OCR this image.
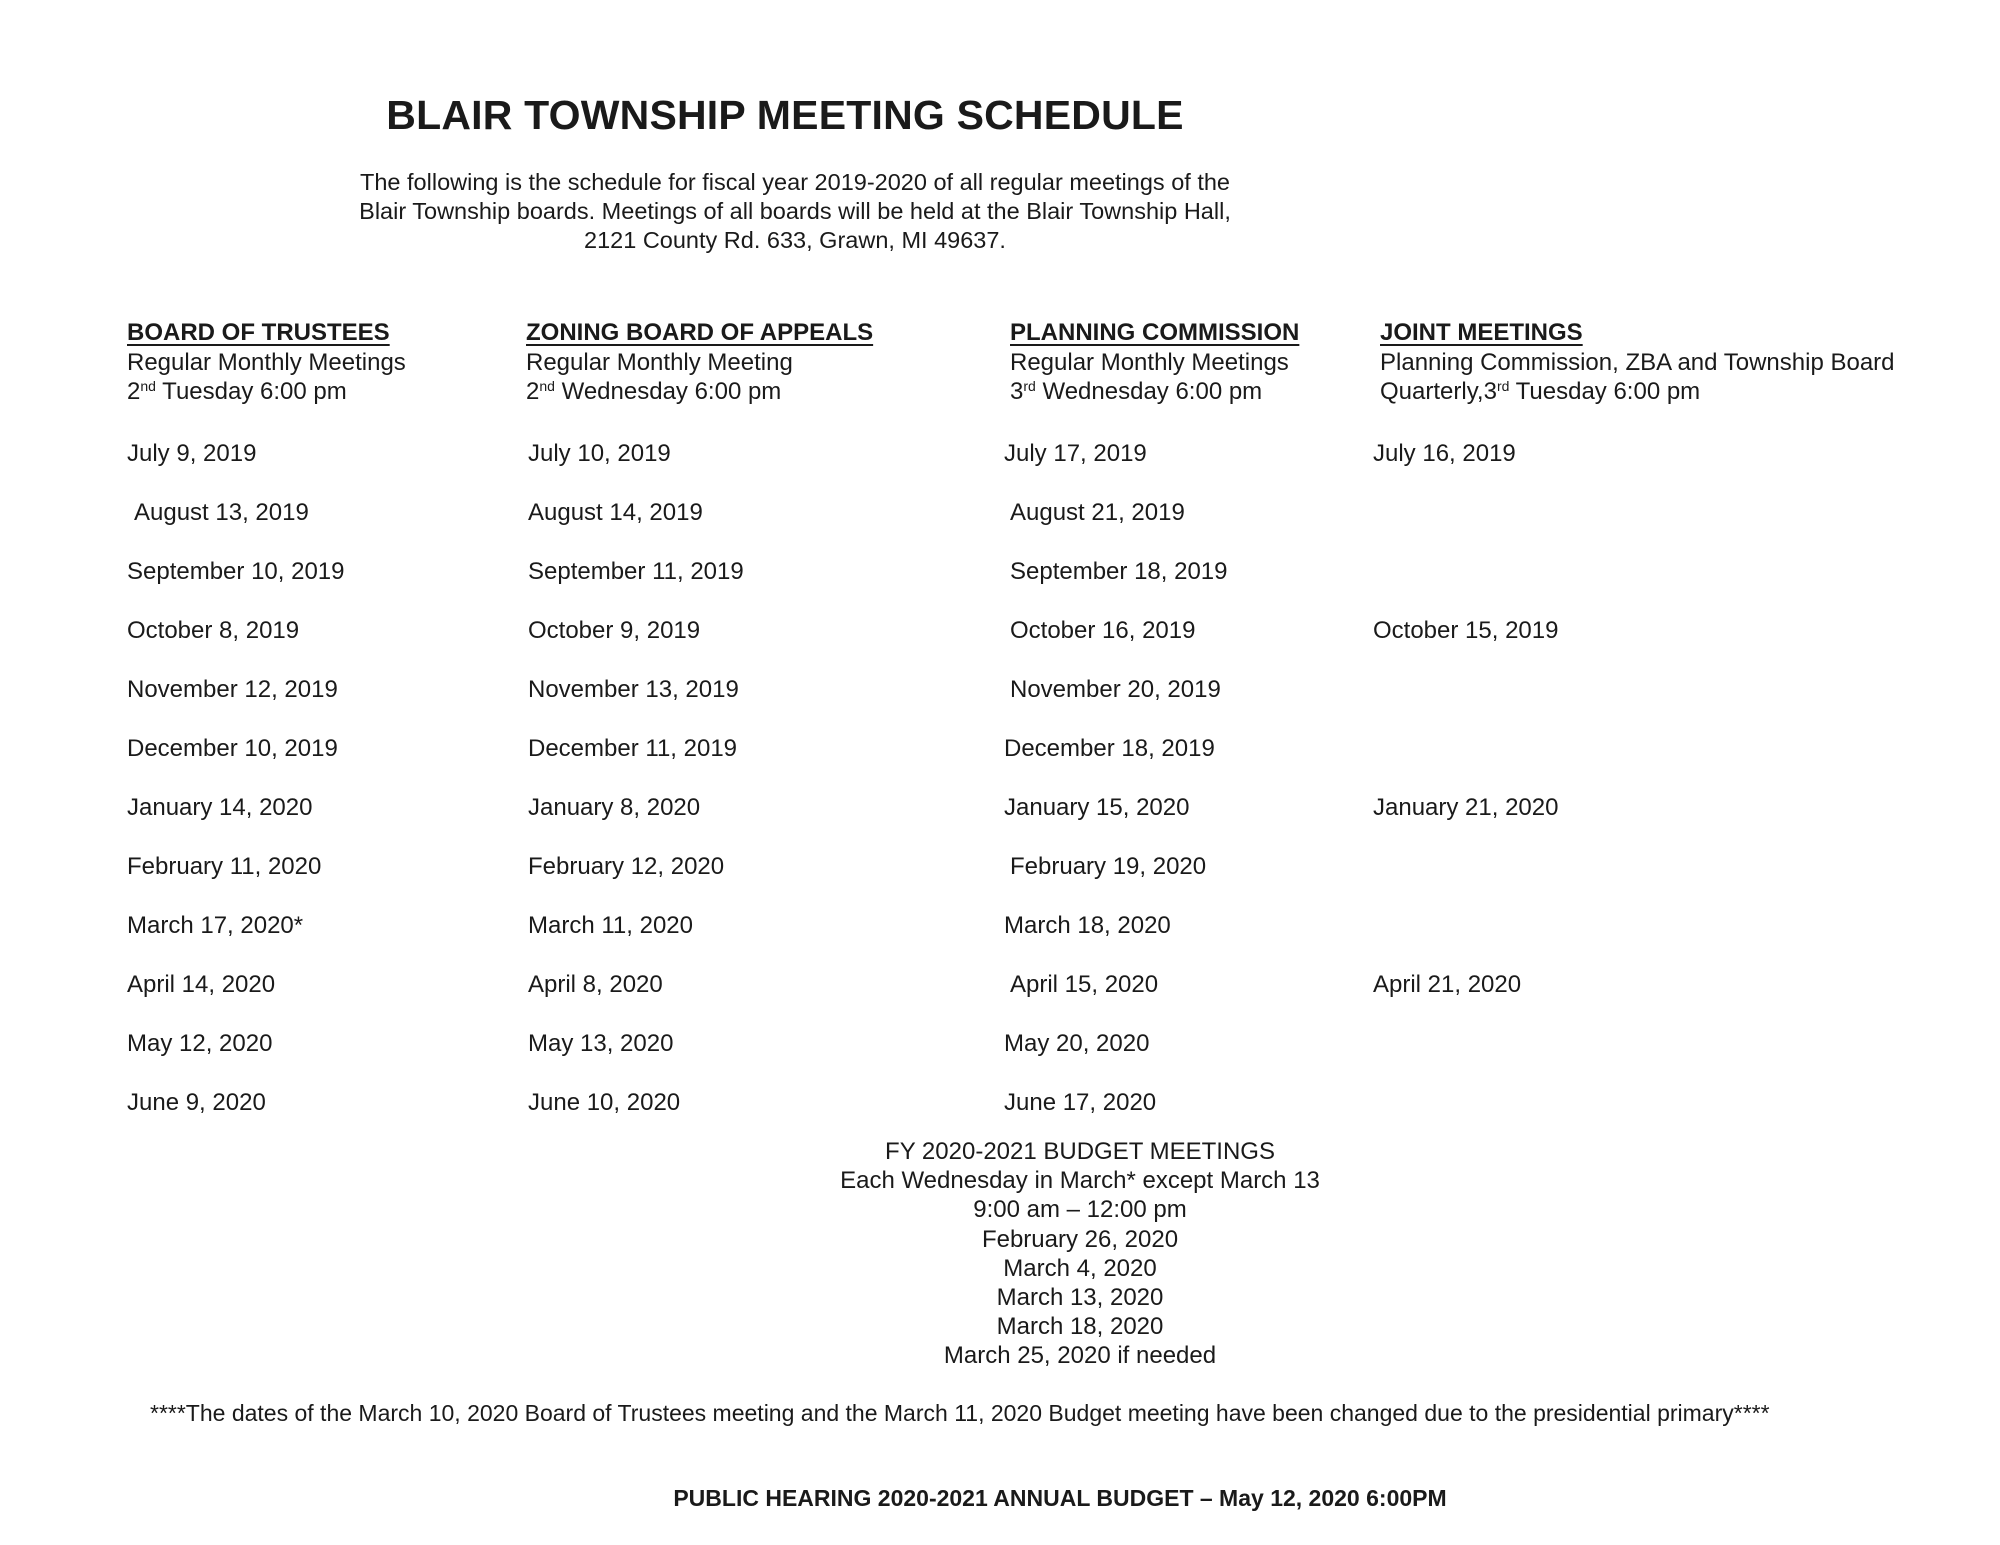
BLAIR TOWNSHIP MEETING SCHEDULE
The following is the schedule for fiscal year 2019-2020 of all regular meetings of the
Blair Township boards. Meetings of all boards will be held at the Blair Township Hall,
2121 County Rd. 633, Grawn, MI 49637.
BOARD OF TRUSTEES
Regular Monthly Meetings
2nd Tuesday 6:00 pm
ZONING BOARD OF APPEALS
Regular Monthly Meeting
2nd Wednesday 6:00 pm
PLANNING COMMISSION
Regular Monthly Meetings
3rd Wednesday 6:00 pm
JOINT MEETINGS
Planning Commission, ZBA and Township Board
Quarterly,3rd Tuesday 6:00 pm
July 9, 2019
August 13, 2019
September 10, 2019
October 8, 2019
November 12, 2019
December 10, 2019
January 14, 2020
February 11, 2020
March 17, 2020*
April 14, 2020
May 12, 2020
June 9, 2020
July 10, 2019
August 14, 2019
September 11, 2019
October 9, 2019
November 13, 2019
December 11, 2019
January 8, 2020
February 12, 2020
March 11, 2020
April 8, 2020
May 13, 2020
June 10, 2020
July 17, 2019
August 21, 2019
September 18, 2019
October 16, 2019
November 20, 2019
December 18, 2019
January 15, 2020
February 19, 2020
March 18, 2020
April 15, 2020
May 20, 2020
June 17, 2020
July 16, 2019
October 15, 2019
January 21, 2020
April 21, 2020
FY 2020-2021 BUDGET MEETINGS
Each Wednesday in March* except March 13
9:00 am – 12:00 pm
February 26, 2020
March 4, 2020
March 13, 2020
March 18, 2020
March 25, 2020 if needed
****The dates of the March 10, 2020 Board of Trustees meeting and the March 11, 2020 Budget meeting have been changed due to the presidential primary****
PUBLIC HEARING 2020-2021 ANNUAL BUDGET – May 12, 2020 6:00PM
